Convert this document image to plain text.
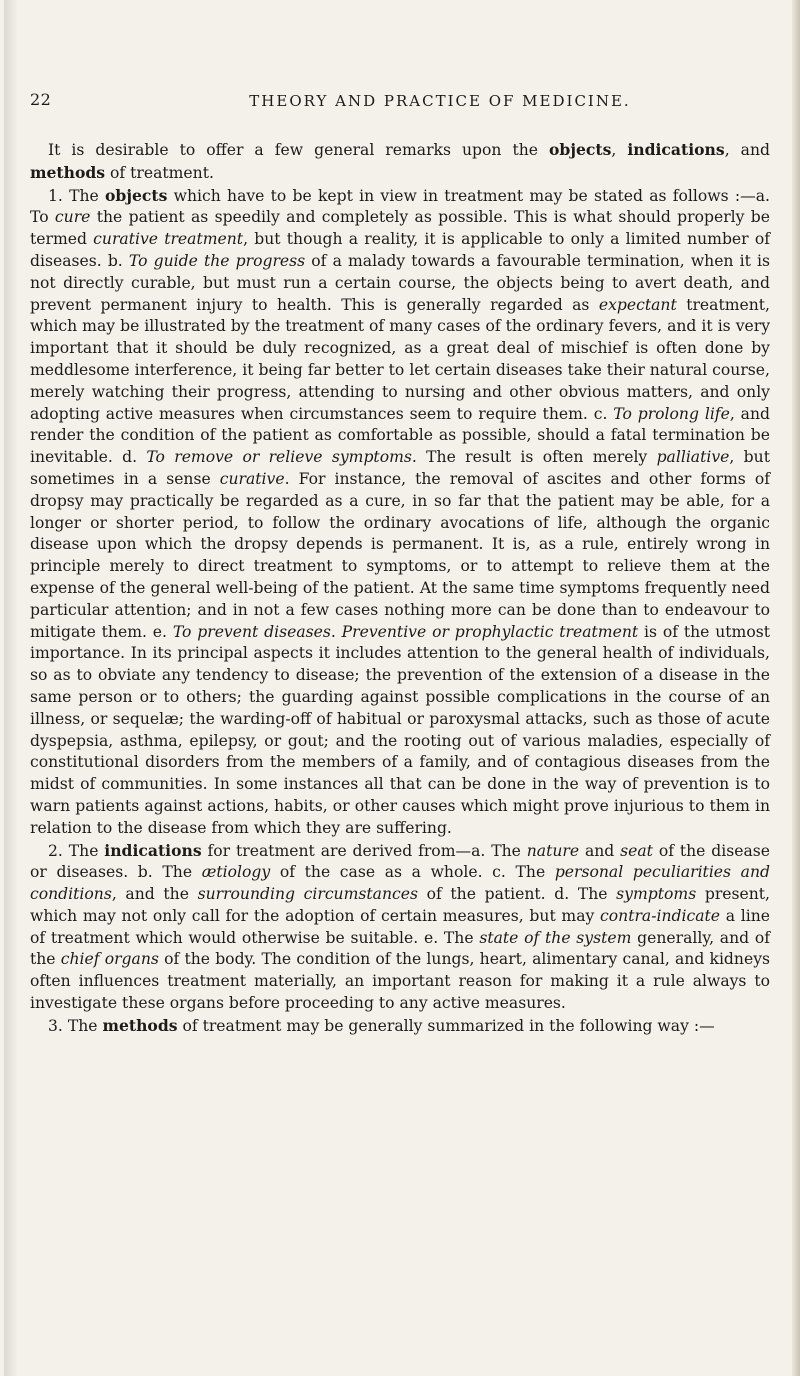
22	THEORY AND PRACTICE OF MEDICINE.

It is desirable to offer a few general remarks upon the objects, indications, and methods of treatment.

1. The objects which have to be kept in view in treatment may be stated as follows :—a. To cure the patient as speedily and completely as possible. This is what should properly be termed curative treatment, but though a reality, it is applicable to only a limited number of diseases. b. To guide the progress of a malady towards a favourable termination, when it is not directly curable, but must run a certain course, the objects being to avert death, and prevent permanent injury to health. This is generally regarded as expectant treatment, which may be illustrated by the treatment of many cases of the ordinary fevers, and it is very important that it should be duly recognized, as a great deal of mischief is often done by meddlesome interference, it being far better to let certain diseases take their natural course, merely watching their progress, attending to nursing and other obvious matters, and only adopting active measures when circumstances seem to require them. c. To prolong life, and render the condition of the patient as comfortable as possible, should a fatal termination be inevitable. d. To remove or relieve symptoms. The result is often merely palliative, but sometimes in a sense curative. For instance, the removal of ascites and other forms of dropsy may practically be regarded as a cure, in so far that the patient may be able, for a longer or shorter period, to follow the ordinary avocations of life, although the organic disease upon which the dropsy depends is permanent. It is, as a rule, entirely wrong in principle merely to direct treatment to symptoms, or to attempt to relieve them at the expense of the general well-being of the patient. At the same time symptoms frequently need particular attention; and in not a few cases nothing more can be done than to endeavour to mitigate them. e. To prevent diseases. Preventive or prophylactic treatment is of the utmost importance. In its principal aspects it includes attention to the general health of individuals, so as to obviate any tendency to disease; the prevention of the extension of a disease in the same person or to others; the guarding against possible complications in the course of an illness, or sequelæ; the warding-off of habitual or paroxysmal attacks, such as those of acute dyspepsia, asthma, epilepsy, or gout; and the rooting out of various maladies, especially of constitutional disorders from the members of a family, and of contagious diseases from the midst of communities. In some instances all that can be done in the way of prevention is to warn patients against actions, habits, or other causes which might prove injurious to them in relation to the disease from which they are suffering.

2. The indications for treatment are derived from—a. The nature and seat of the disease or diseases. b. The ætiology of the case as a whole. c. The personal peculiarities and conditions, and the surrounding circumstances of the patient. d. The symptoms present, which may not only call for the adoption of certain measures, but may contra-indicate a line of treatment which would otherwise be suitable. e. The state of the system generally, and of the chief organs of the body. The condition of the lungs, heart, alimentary canal, and kidneys often influences treatment materially, an important reason for making it a rule always to investigate these organs before proceeding to any active measures.

3. The methods of treatment may be generally summarized in the following way :—
